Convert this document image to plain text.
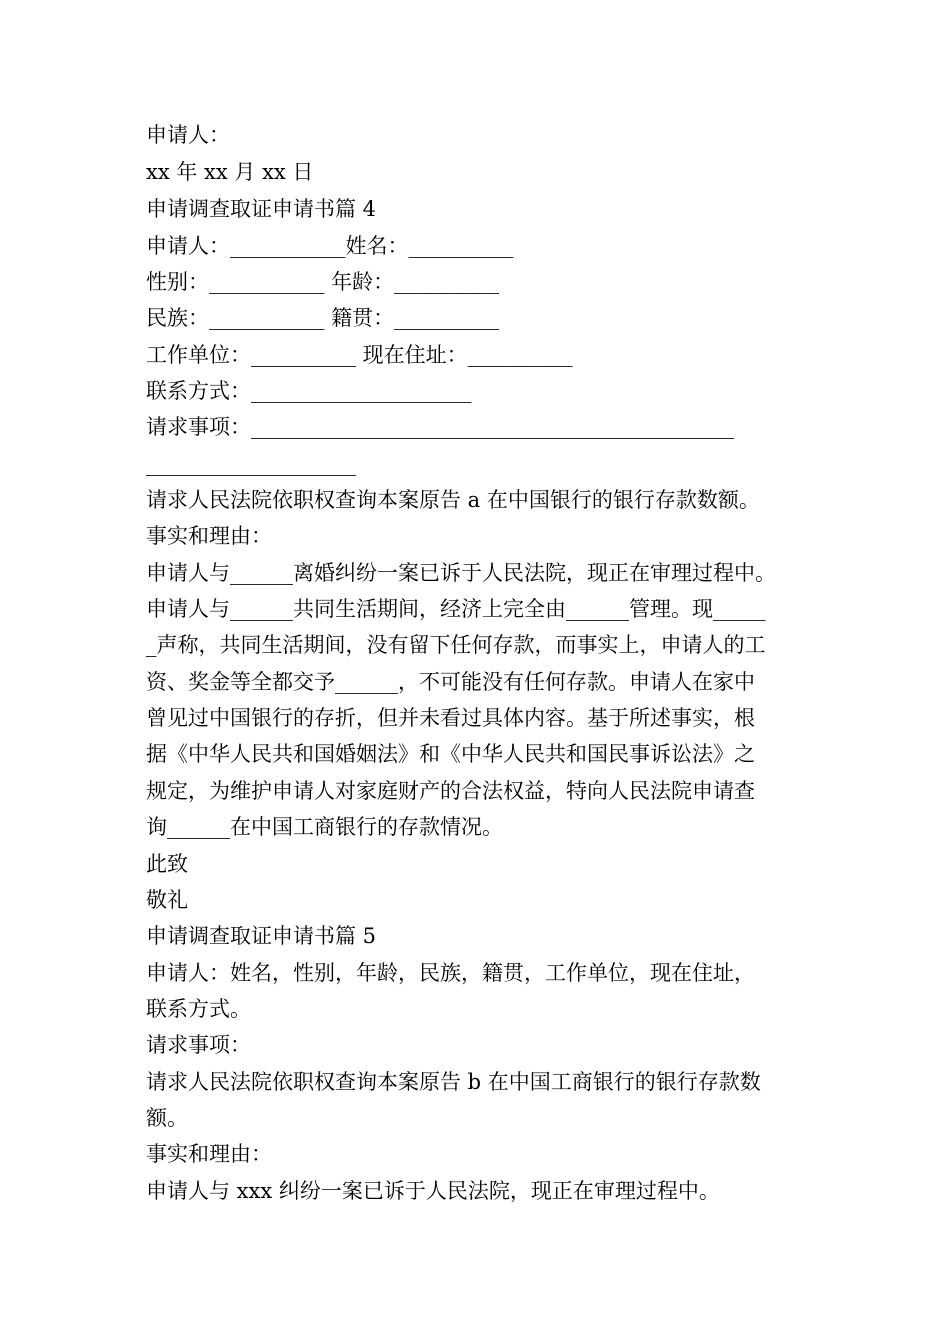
申请人：
xx 年 xx 月 xx 日
申请调查取证申请书篇 4
申请人：___________姓名：__________
性别：___________ 年龄：__________
民族：___________ 籍贯：__________
工作单位：__________ 现在住址：__________
联系方式：_____________________
请求事项：______________________________________________
____________________
请求人民法院依职权查询本案原告 a 在中国银行的银行存款数额。
事实和理由：
申请人与______离婚纠纷一案已诉于人民法院，现正在审理过程中。
申请人与______共同生活期间，经济上完全由______管理。现_____
_声称，共同生活期间，没有留下任何存款，而事实上，申请人的工
资、奖金等全都交予______，不可能没有任何存款。申请人在家中
曾见过中国银行的存折，但并未看过具体内容。基于所述事实，根
据《中华人民共和国婚姻法》和《中华人民共和国民事诉讼法》之
规定，为维护申请人对家庭财产的合法权益，特向人民法院申请查
询______在中国工商银行的存款情况。
此致
敬礼
申请调查取证申请书篇 5
申请人：姓名，性别，年龄，民族，籍贯，工作单位，现在住址，
联系方式。
请求事项：
请求人民法院依职权查询本案原告 b 在中国工商银行的银行存款数
额。
事实和理由：
申请人与 xxx 纠纷一案已诉于人民法院，现正在审理过程中。
